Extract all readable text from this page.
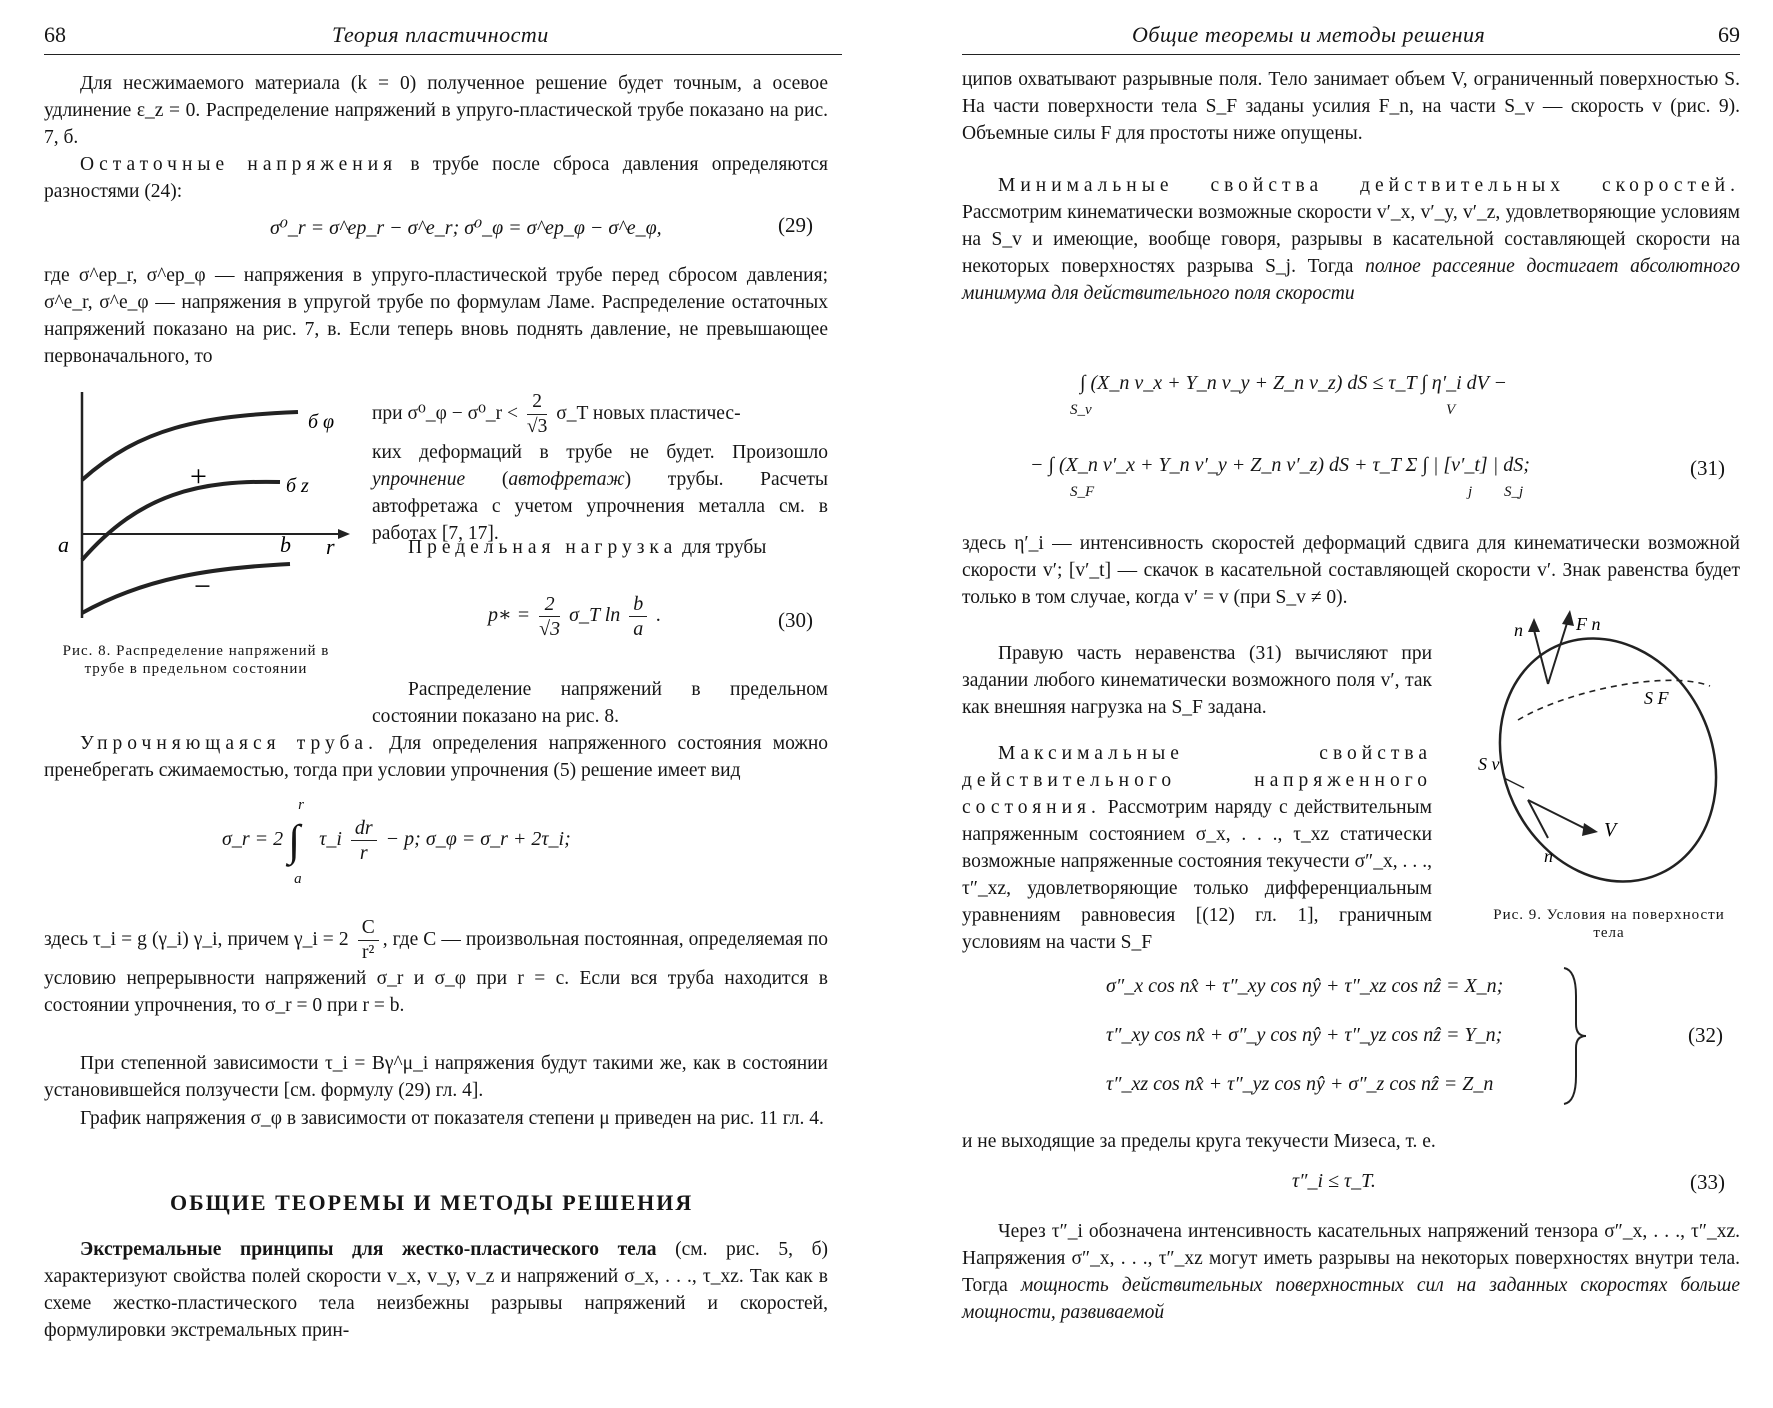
68	Теория пластичности

Для несжимаемого материала (k = 0) полученное решение будет точным, а осевое удлинение ε_z = 0. Распределение напряжений в упруго-пластической трубе показано на рис. 7, б.

Остаточные напряжения в трубе после сброса давления определяются разностями (24):

σ⁰_r = σ^ep_r − σ^e_r; σ⁰_φ = σ^ep_φ − σ^e_φ,	(29)

где σ^ep_r, σ^ep_φ — напряжения в упруго-пластической трубе перед сбросом давления; σ^e_r, σ^e_φ — напряжения в упругой трубе по формулам Ламе. Распределение остаточных напряжений показано на рис. 7, в. Если теперь вновь поднять давление, не превышающее первоначального, то

б φ
б z
+
−
a	b r
Рис. 8. Распределение напряжений в трубе в предельном состоянии
при σ⁰_φ − σ⁰_r < $\frac{2}{√3}$ σ_T новых пластичес-

ких деформаций в трубе не будет. Произошло упрочнение (автофретаж) трубы. Расчеты автофретажа с учетом упрочнения металла см. в работах [7, 17].

Предельная нагрузка для трубы

p∗ = $\frac{2}{√3}$ σ_T $\ln \frac{b}{a}$ .	(30)

Распределение напряжений в предельном состоянии показано на рис. 8.

Упрочняющаяся труба. Для определения напряженного состояния можно пренебрегать сжимаемостью, тогда при условии упрочнения (5) решение имеет вид

σ_r = 2 ∫
r
a
τ_i $\frac{dr}{r} - p$; σ_φ = σ_r + 2τ_i;
здесь τ_i = g (γ_i) γ_i, причем γ_i = $2 \frac{C}{\text{r²}}$ , где C — произвольная постоянная, определяемая по условию непрерывности напряжений σ_r и σ_φ при r = c. Если вся труба находится в состоянии упрочнения, то σ_r = 0 при r = b.

При степенной зависимости τ_i = Bγ^μ_i напряжения будут такими же, как в состоянии установившейся ползучести [см. формулу (29) гл. 4].

График напряжения σ_φ в зависимости от показателя степени μ приведен на рис. 11 гл. 4.

ОБЩИЕ ТЕОРЕМЫ И МЕТОДЫ РЕШЕНИЯ

Экстремальные принципы для жестко-пластического тела (см. рис. 5, б) характеризуют свойства полей скорости v_x, v_y, v_z и напряжений σ_x, . . ., τ_xz. Так как в схеме жестко-пластического тела неизбежны разрывы напряжений и скоростей, формулировки экстремальных прин-

Общие теоремы и методы решения	69

ципов охватывают разрывные поля. Тело занимает объем V, ограниченный поверхностью S. На части поверхности тела S_F заданы усилия F_n, на части S_v — скорость v (рис. 9). Объемные силы F для простоты ниже опущены.

Минимальные свойства действительных скоростей. Рассмотрим кинематически возможные скорости v′_x, v′_y, v′_z, удовлетворяющие условиям на S_v и имеющие, вообще говоря, разрывы в касательной составляющей скорости на некоторых поверхностях разрыва S_j. Тогда полное рассеяние достигает абсолютного минимума для действительного поля скорости

∫ (X_n v_x + Y_n v_y + Z_n v_z) dS ≤ τ_T ∫ η′_i dV −
S_v	V
− ∫ (X_n v′_x + Y_n v′_y + Z_n v′_z) dS + τ_T Σ ∫ | [v′_t] | dS;
S_F	j S_j
(31)

здесь η′_i — интенсивность скоростей деформаций сдвига для кинематически возможной скорости v′; [v′_t] — скачок в касательной составляющей скорости v′. Знак равенства будет только в том случае, когда v′ = v (при S_v ≠ 0).

Правую часть неравенства (31) вычисляют при задании любого кинематически возможного поля v′, так как внешняя нагрузка на S_F задана.

Максимальные свойства действительного напряженного состояния. Рассмотрим наряду с действительным напряженным состоянием σ_x, . . ., τ_xz статически возможные напряженные состояния текучести σ″_x, . . ., τ″_xz, удовлетворяющие только дифференциальным уравнениям равновесия [(12) гл. 1], граничным условиям на части S_F

n	F n
S F
S v
V
n
Рис. 9. Условия на поверхности тела
σ″_x cos nx̂ + τ″_xy cos nŷ + τ″_xz cos nẑ = X_n;
τ″_xy cos nx̂ + σ″_y cos nŷ + τ″_yz cos nẑ = Y_n;
τ″_xz cos nx̂ + τ″_yz cos nŷ + σ″_z cos nẑ = Z_n
(32)

и не выходящие за пределы круга текучести Мизеса, т. е.

τ″_i ≤ τ_T.	(33)

Через τ″_i обозначена интенсивность касательных напряжений тензора σ″_x, . . ., τ″_xz. Напряжения σ″_x, . . ., τ″_xz могут иметь разрывы на некоторых поверхностях внутри тела. Тогда мощность действительных поверхностных сил на заданных скоростях больше мощности, развиваемой
